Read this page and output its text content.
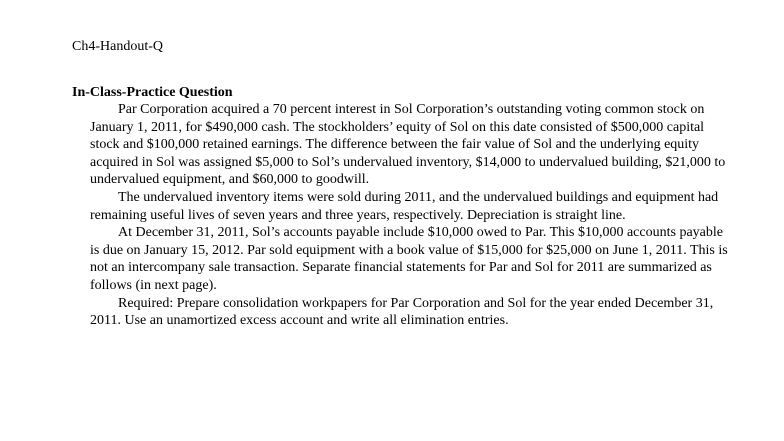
Ch4-Handout-Q
In-Class-Practice Question

Par Corporation acquired a 70 percent interest in Sol Corporation’s outstanding voting common stock on January 1, 2011, for $490,000 cash. The stockholders’ equity of Sol on this date consisted of $500,000 capital stock and $100,000 retained earnings. The difference between the fair value of Sol and the underlying equity acquired in Sol was assigned $5,000 to Sol’s undervalued inventory, $14,000 to undervalued building, $21,000 to undervalued equipment, and $60,000 to goodwill.

The undervalued inventory items were sold during 2011, and the undervalued buildings and equipment had remaining useful lives of seven years and three years, respectively. Depreciation is straight line.

At December 31, 2011, Sol’s accounts payable include $10,000 owed to Par. This $10,000 accounts payable is due on January 15, 2012. Par sold equipment with a book value of $15,000 for $25,000 on June 1, 2011. This is not an intercompany sale transaction. Separate financial statements for Par and Sol for 2011 are summarized as follows (in next page).

Required: Prepare consolidation workpapers for Par Corporation and Sol for the year ended December 31, 2011. Use an unamortized excess account and write all elimination entries.
